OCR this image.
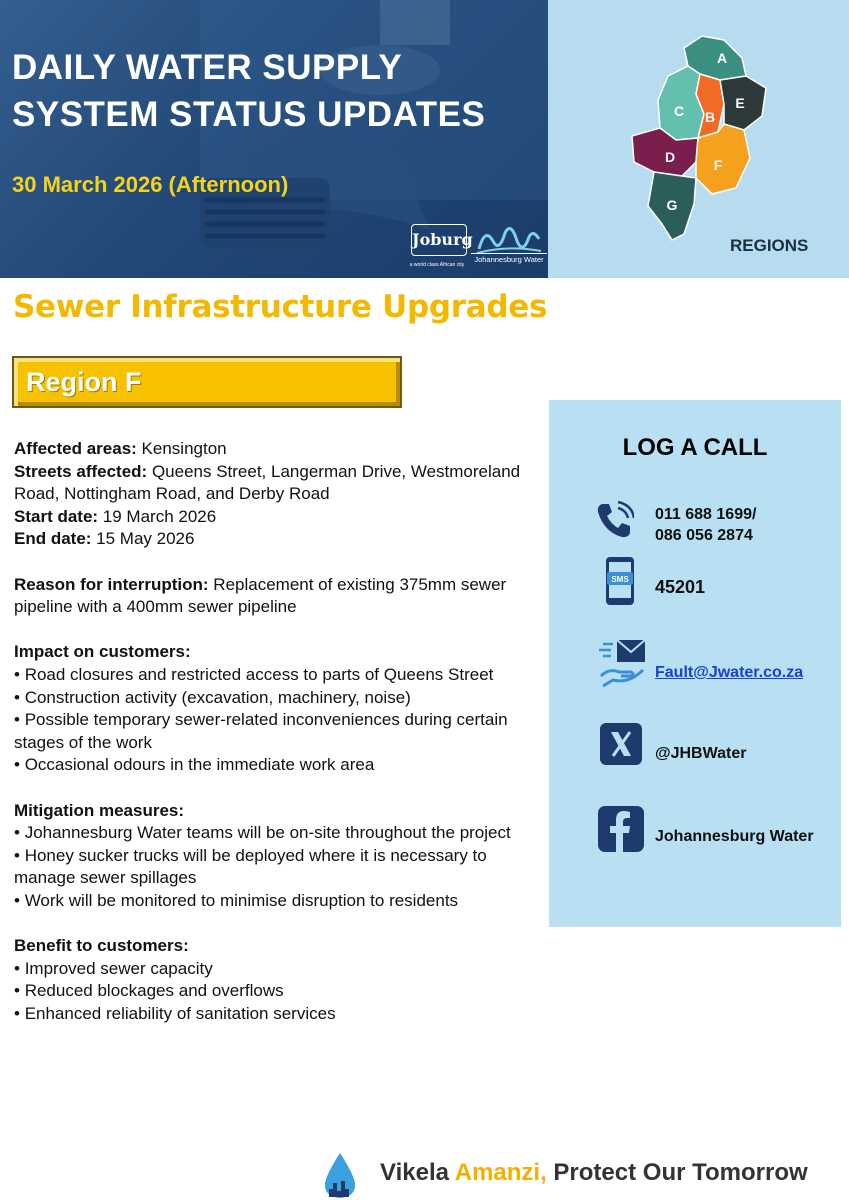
DAILY WATER SUPPLY
SYSTEM STATUS UPDATES
30 March 2026 (Afternoon)
Joburg
a world class African city
Johannesburg Water
A
B
C
D
E
F
G
REGIONS
Sewer Infrastructure Upgrades
Region F

Affected areas: Kensington

Streets affected: Queens Street, Langerman Drive, Westmoreland Road, Nottingham Road, and Derby Road

Start date: 19 March 2026

End date: 15 May 2026

Reason for interruption: Replacement of existing 375mm sewer pipeline with a 400mm sewer pipeline

Impact on customers:

• Road closures and restricted access to parts of Queens Street
• Construction activity (excavation, machinery, noise)
• Possible temporary sewer-related inconveniences during certain stages of the work
• Occasional odours in the immediate work area

Mitigation measures:

• Johannesburg Water teams will be on-site throughout the project
• Honey sucker trucks will be deployed where it is necessary to manage sewer spillages
• Work will be monitored to minimise disruption to residents

Benefit to customers:

• Improved sewer capacity
• Reduced blockages and overflows
• Enhanced reliability of sanitation services
LOG A CALL
011 688 1699/
086 056 2874
SMS 45201
Fault@Jwater.co.za
@JHBWater
Johannesburg Water
Vikela Amanzi, Protect Our Tomorrow
